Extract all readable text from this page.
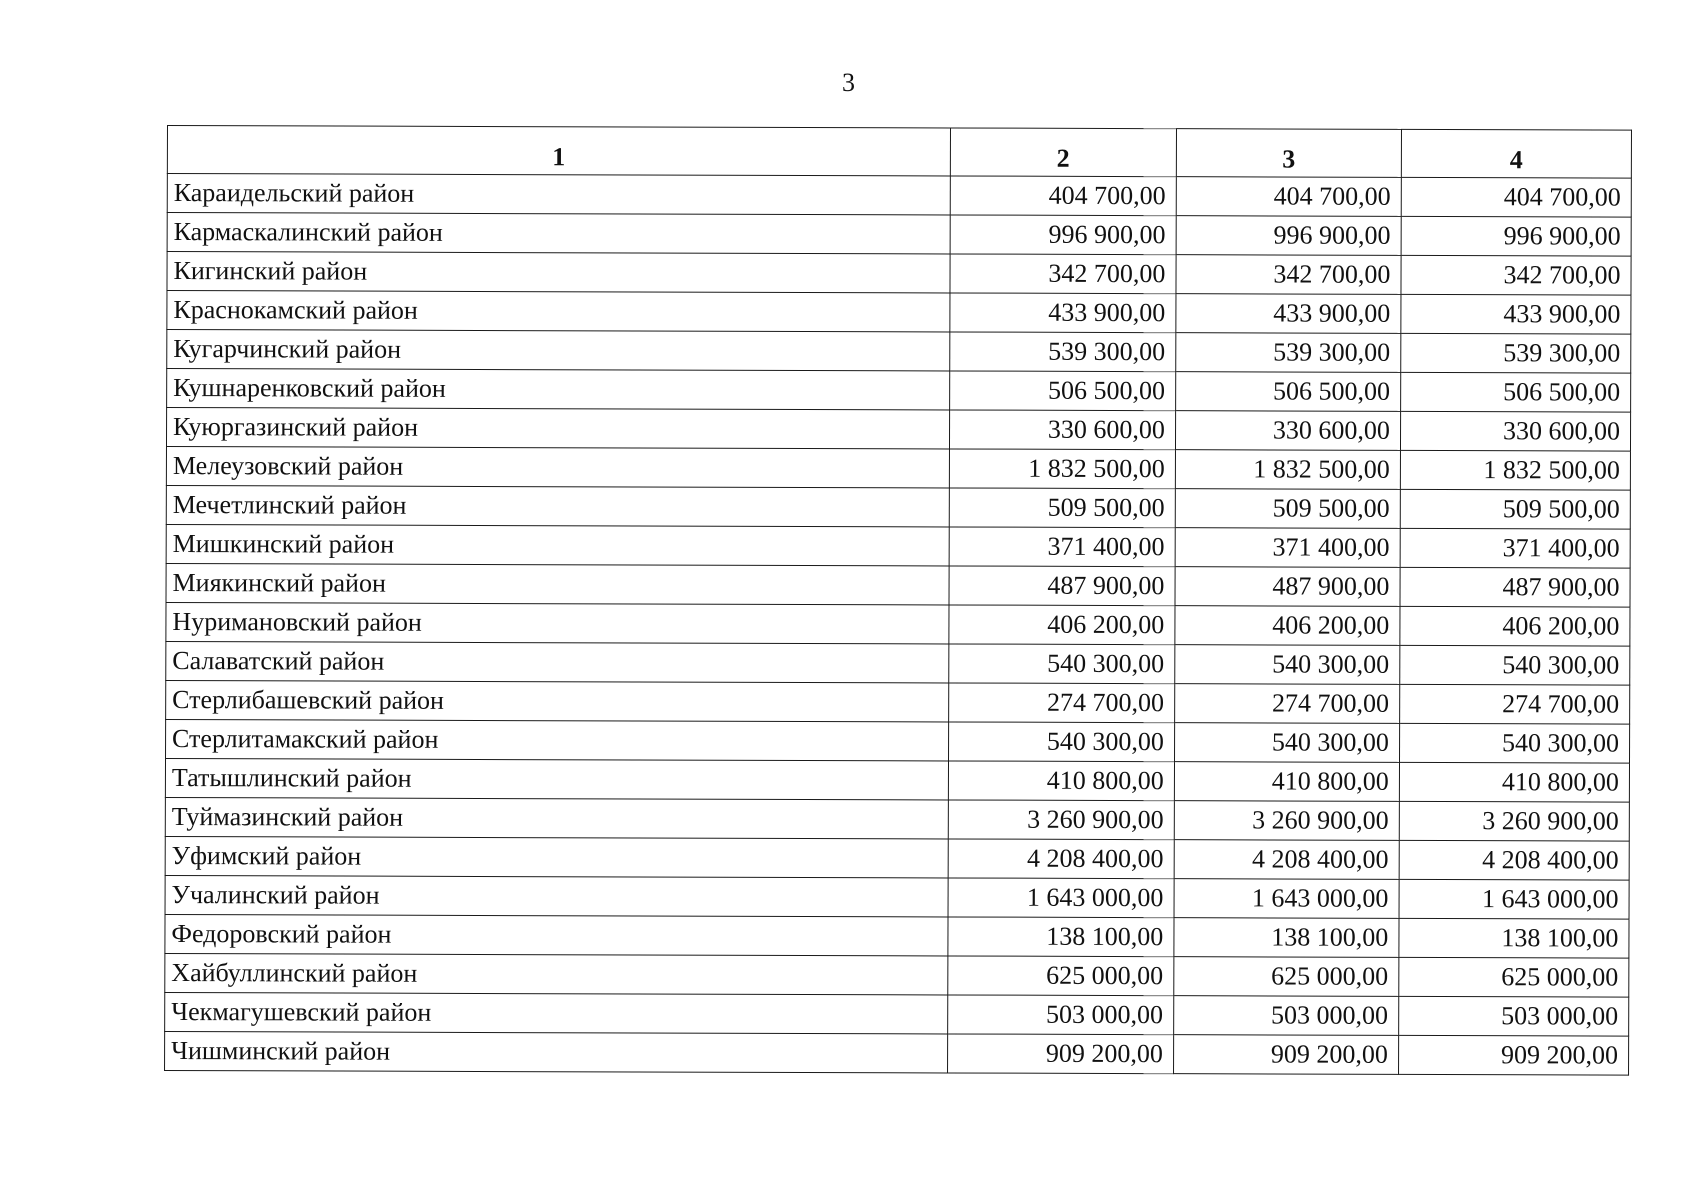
3
1	2	3	4
Караидельский район	404 700,00	404 700,00	404 700,00
Кармаскалинский район	996 900,00	996 900,00	996 900,00
Кигинский район	342 700,00	342 700,00	342 700,00
Краснокамский район	433 900,00	433 900,00	433 900,00
Кугарчинский район	539 300,00	539 300,00	539 300,00
Кушнаренковский район	506 500,00	506 500,00	506 500,00
Куюргазинский район	330 600,00	330 600,00	330 600,00
Мелеузовский район	1 832 500,00	1 832 500,00	1 832 500,00
Мечетлинский район	509 500,00	509 500,00	509 500,00
Мишкинский район	371 400,00	371 400,00	371 400,00
Миякинский район	487 900,00	487 900,00	487 900,00
Нуримановский район	406 200,00	406 200,00	406 200,00
Салаватский район	540 300,00	540 300,00	540 300,00
Стерлибашевский район	274 700,00	274 700,00	274 700,00
Стерлитамакский район	540 300,00	540 300,00	540 300,00
Татышлинский район	410 800,00	410 800,00	410 800,00
Туймазинский район	3 260 900,00	3 260 900,00	3 260 900,00
Уфимский район	4 208 400,00	4 208 400,00	4 208 400,00
Учалинский район	1 643 000,00	1 643 000,00	1 643 000,00
Федоровский район	138 100,00	138 100,00	138 100,00
Хайбуллинский район	625 000,00	625 000,00	625 000,00
Чекмагушевский район	503 000,00	503 000,00	503 000,00
Чишминский район	909 200,00	909 200,00	909 200,00
